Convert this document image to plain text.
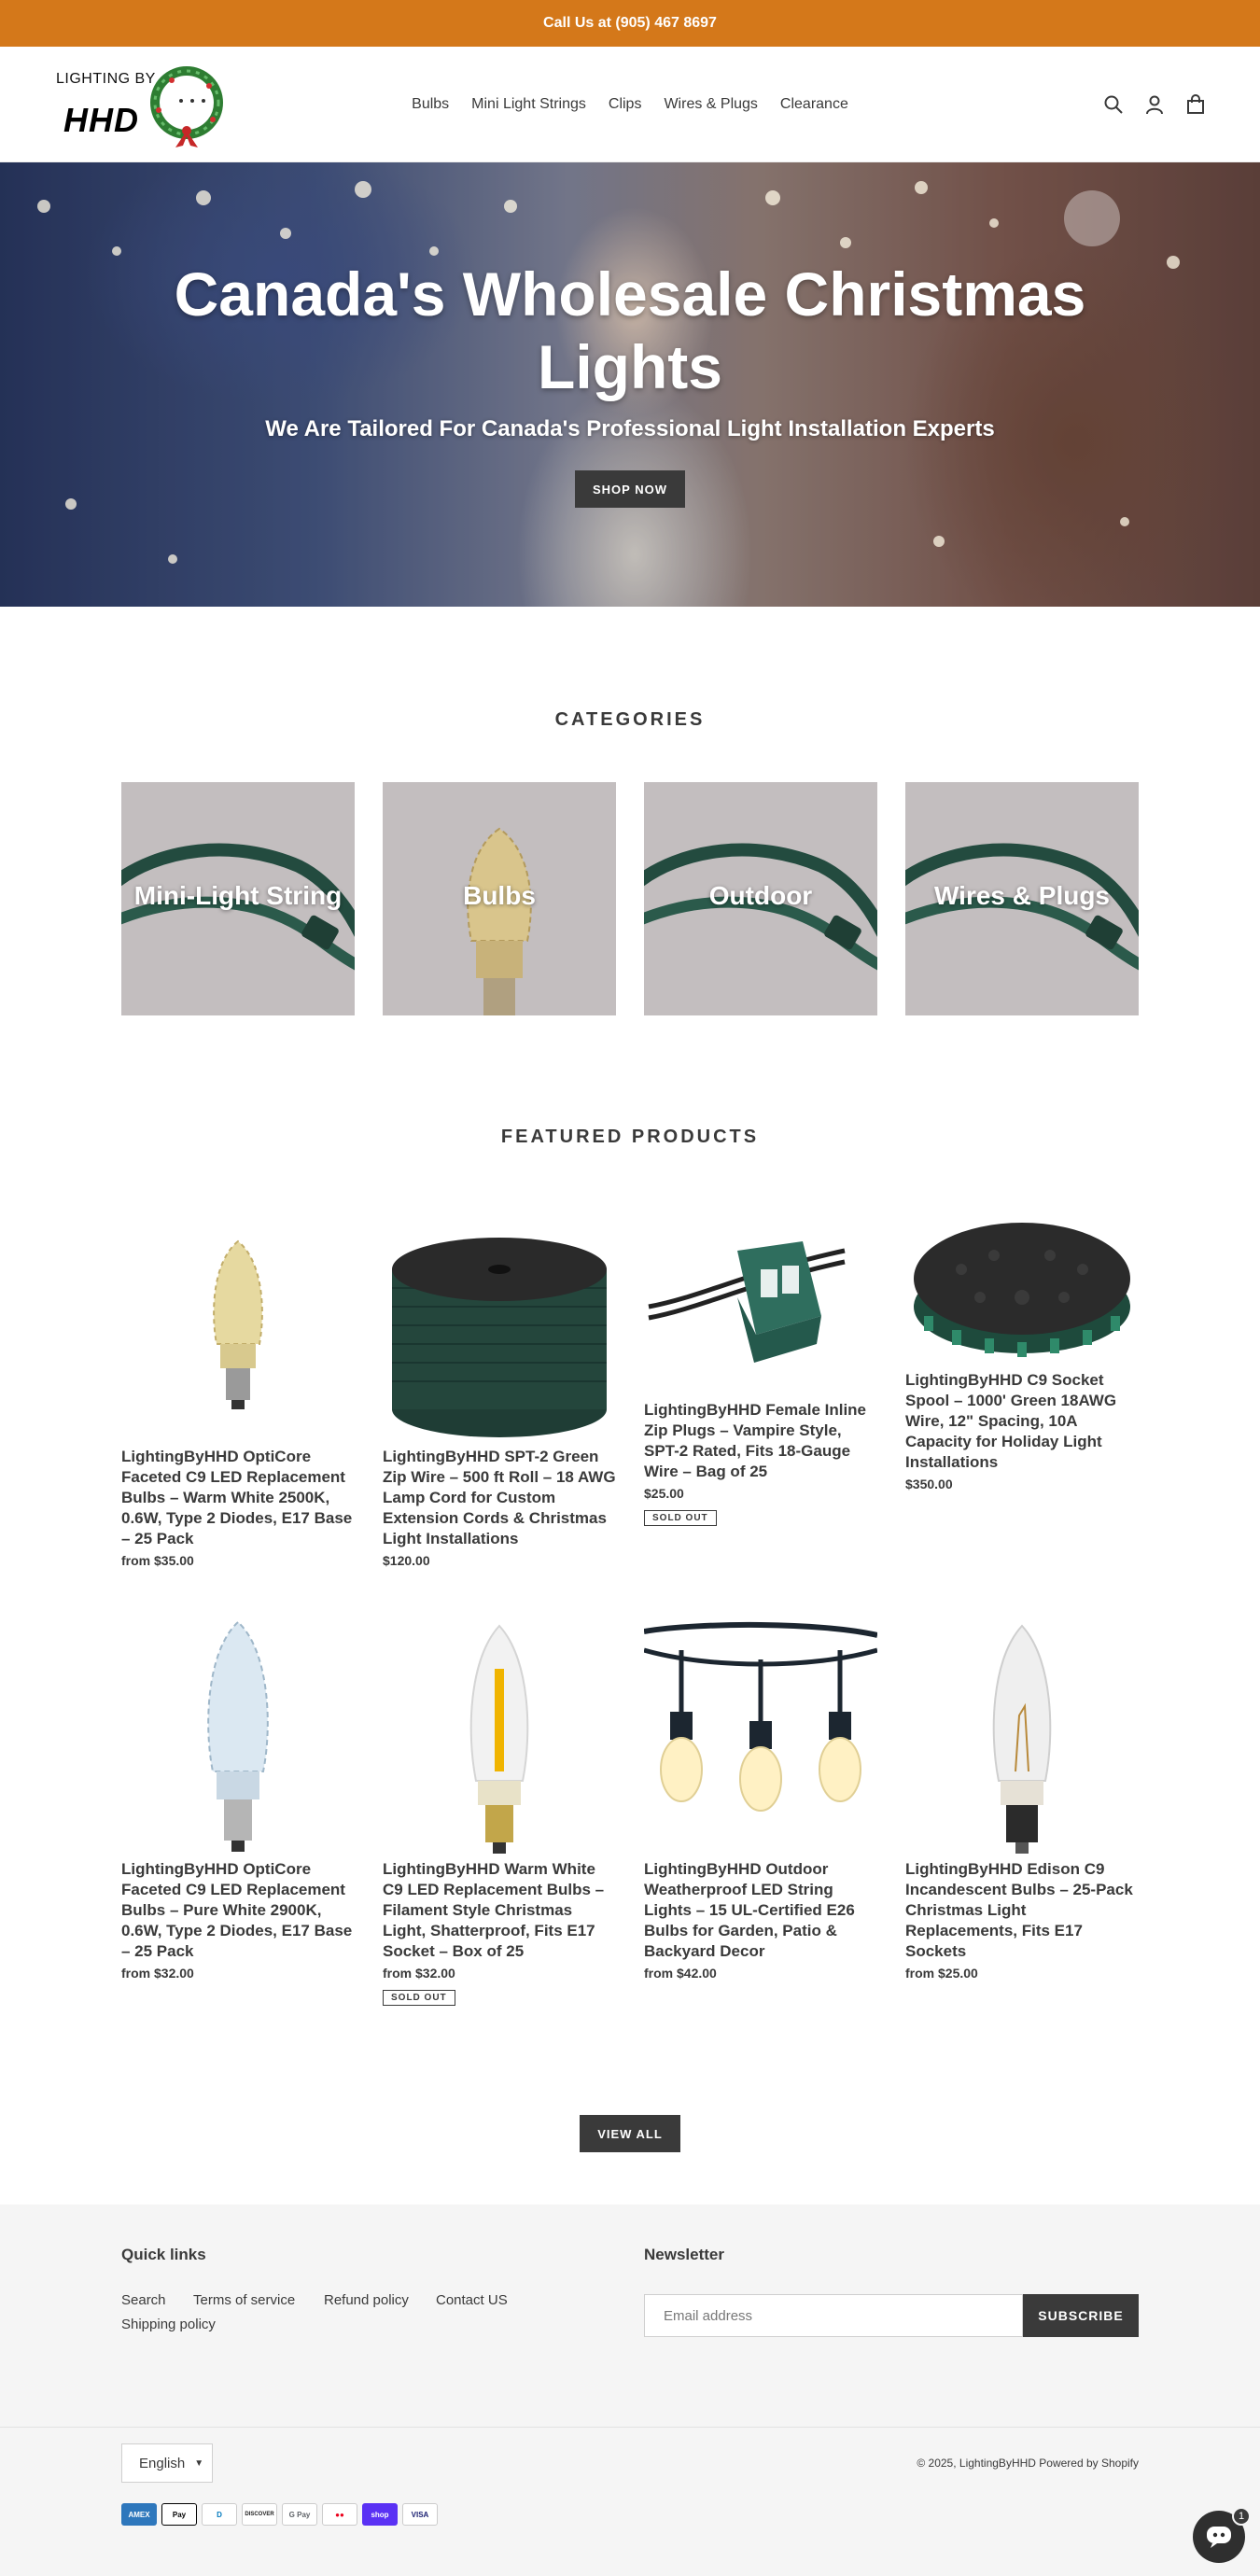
Call Us at (905) 467 8697
LIGHTING BY
HHD	Bulbs	Mini Light Strings	Clips	Wires & Plugs	Clearance
Canada's Wholesale Christmas Lights
We Are Tailored For Canada's Professional Light Installation Experts
SHOP NOW
CATEGORIES
Mini-Light String	Bulbs	Outdoor	Wires & Plugs
FEATURED PRODUCTS
LightingByHHD OptiCore Faceted C9 LED Replacement Bulbs – Warm White 2500K, 0.6W, Type 2 Diodes, E17 Base – 25 Pack
from $35.00
LightingByHHD SPT-2 Green Zip Wire – 500 ft Roll – 18 AWG Lamp Cord for Custom Extension Cords & Christmas Light Installations
$120.00
LightingByHHD Female Inline Zip Plugs – Vampire Style, SPT-2 Rated, Fits 18-Gauge Wire – Bag of 25
$25.00
SOLD OUT
LightingByHHD C9 Socket Spool – 1000' Green 18AWG Wire, 12" Spacing, 10A Capacity for Holiday Light Installations
$350.00
LightingByHHD OptiCore Faceted C9 LED Replacement Bulbs – Pure White 2900K, 0.6W, Type 2 Diodes, E17 Base – 25 Pack
from $32.00
LightingByHHD Warm White C9 LED Replacement Bulbs – Filament Style Christmas Light, Shatterproof, Fits E17 Socket – Box of 25
from $32.00
SOLD OUT
LightingByHHD Outdoor Weatherproof LED String Lights – 15 UL-Certified E26 Bulbs for Garden, Patio & Backyard Decor
from $42.00
LightingByHHD Edison C9 Incandescent Bulbs – 25-Pack Christmas Light Replacements, Fits E17 Sockets
from $25.00
VIEW ALL
Quick links
Search Terms of service Refund policy Contact US
Shipping policy
Newsletter
Email address	SUBSCRIBE
English ▼	© 2025, LightingByHHD Powered by Shopify
AMEX	Pay	D	DISCOVER	G Pay	●●	shop	VISA	1
